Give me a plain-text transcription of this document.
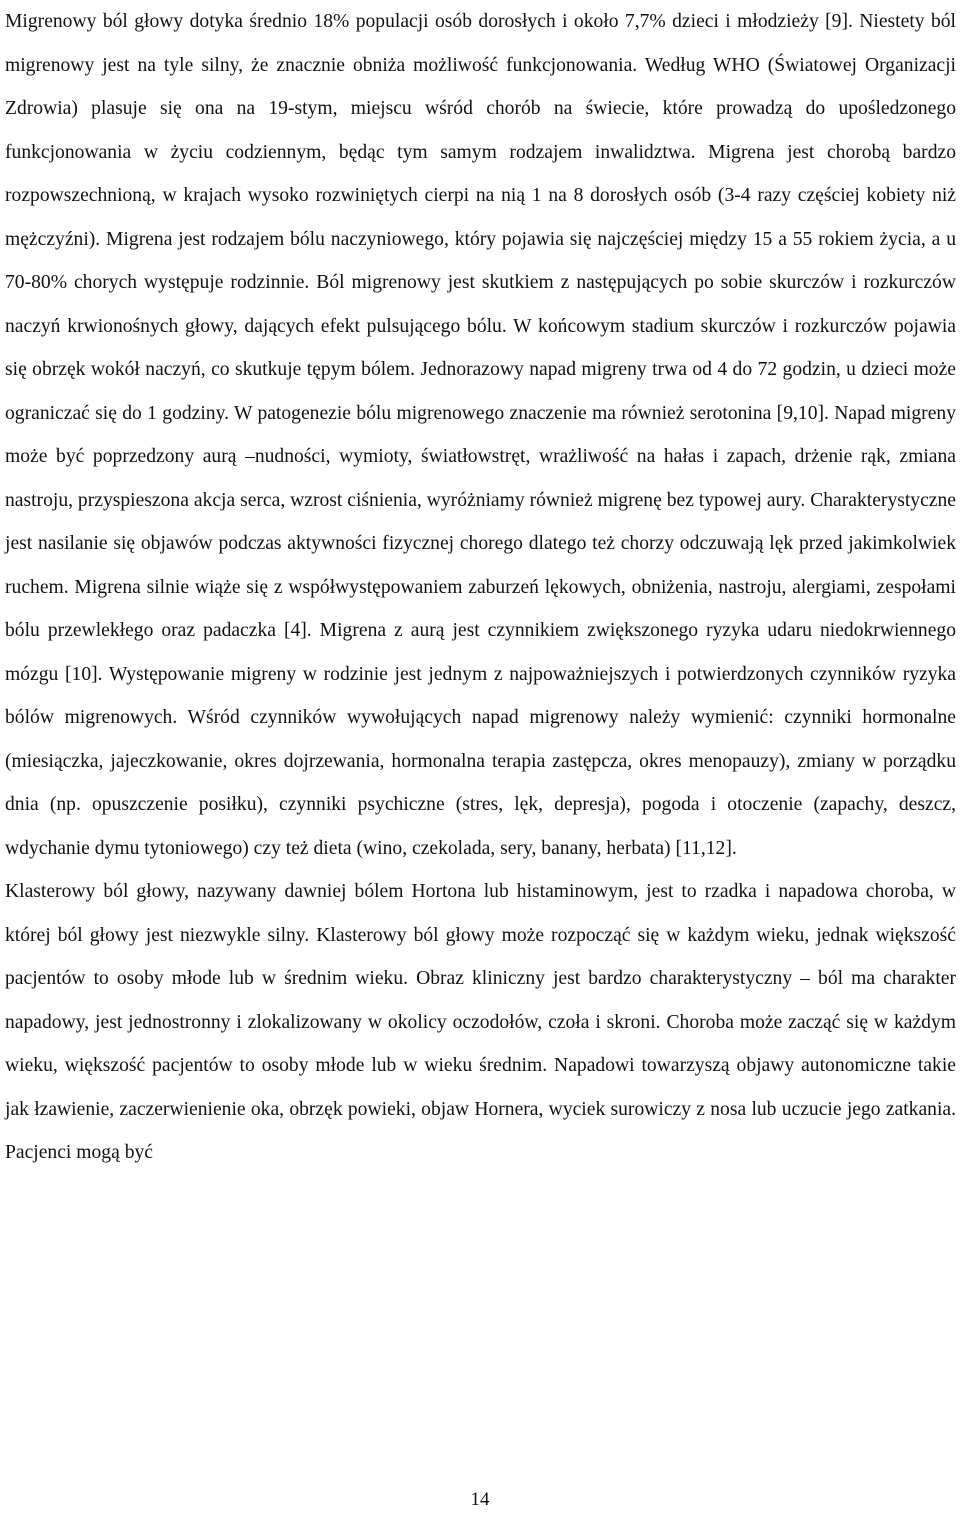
Migrenowy ból głowy dotyka średnio 18% populacji osób dorosłych i około 7,7% dzieci i młodzieży [9]. Niestety ból migrenowy jest na tyle silny, że znacznie obniża możliwość funkcjonowania. Według WHO (Światowej Organizacji Zdrowia) plasuje się ona na 19-stym, miejscu wśród chorób na świecie, które prowadzą do upośledzonego funkcjonowania w życiu codziennym, będąc tym samym rodzajem inwalidztwa. Migrena jest chorobą bardzo rozpowszechnioną, w krajach wysoko rozwiniętych cierpi na nią 1 na 8 dorosłych osób (3-4 razy częściej kobiety niż mężczyźni). Migrena jest rodzajem bólu naczyniowego, który pojawia się najczęściej między 15 a 55 rokiem życia, a u 70-80% chorych występuje rodzinnie. Ból migrenowy jest skutkiem z następujących po sobie skurczów i rozkurczów naczyń krwionośnych głowy, dających efekt pulsującego bólu. W końcowym stadium skurczów i rozkurczów pojawia się obrzęk wokół naczyń, co skutkuje tępym bólem. Jednorazowy napad migreny trwa od 4 do 72 godzin, u dzieci może ograniczać się do 1 godziny. W patogenezie bólu migrenowego znaczenie ma również serotonina [9,10]. Napad migreny może być poprzedzony aurą –nudności, wymioty, światłowstręt, wrażliwość na hałas i zapach, drżenie rąk, zmiana nastroju, przyspieszona akcja serca, wzrost ciśnienia, wyróżniamy również migrenę bez typowej aury. Charakterystyczne jest nasilanie się objawów podczas aktywności fizycznej chorego dlatego też chorzy odczuwają lęk przed jakimkolwiek ruchem. Migrena silnie wiąże się z współwystępowaniem zaburzeń lękowych, obniżenia, nastroju, alergiami, zespołami bólu przewlekłego oraz padaczka [4]. Migrena z aurą jest czynnikiem zwiększonego ryzyka udaru niedokrwiennego mózgu [10]. Występowanie migreny w rodzinie jest jednym z najpoważniejszych i potwierdzonych czynników ryzyka bólów migrenowych. Wśród czynników wywołujących napad migrenowy należy wymienić: czynniki hormonalne (miesiączka, jajeczkowanie, okres dojrzewania, hormonalna terapia zastępcza, okres menopauzy), zmiany w porządku dnia (np. opuszczenie posiłku), czynniki psychiczne (stres, lęk, depresja), pogoda i otoczenie (zapachy, deszcz, wdychanie dymu tytoniowego) czy też dieta (wino, czekolada, sery, banany, herbata) [11,12].

Klasterowy ból głowy, nazywany dawniej bólem Hortona lub histaminowym, jest to rzadka i napadowa choroba, w której ból głowy jest niezwykle silny. Klasterowy ból głowy może rozpocząć się w każdym wieku, jednak większość pacjentów to osoby młode lub w średnim wieku. Obraz kliniczny jest bardzo charakterystyczny – ból ma charakter napadowy, jest jednostronny i zlokalizowany w okolicy oczodołów, czoła i skroni. Choroba może zacząć się w każdym wieku, większość pacjentów to osoby młode lub w wieku średnim. Napadowi towarzyszą objawy autonomiczne takie jak łzawienie, zaczerwienienie oka, obrzęk powieki, objaw Hornera, wyciek surowiczy z nosa lub uczucie jego zatkania. Pacjenci mogą być

14
